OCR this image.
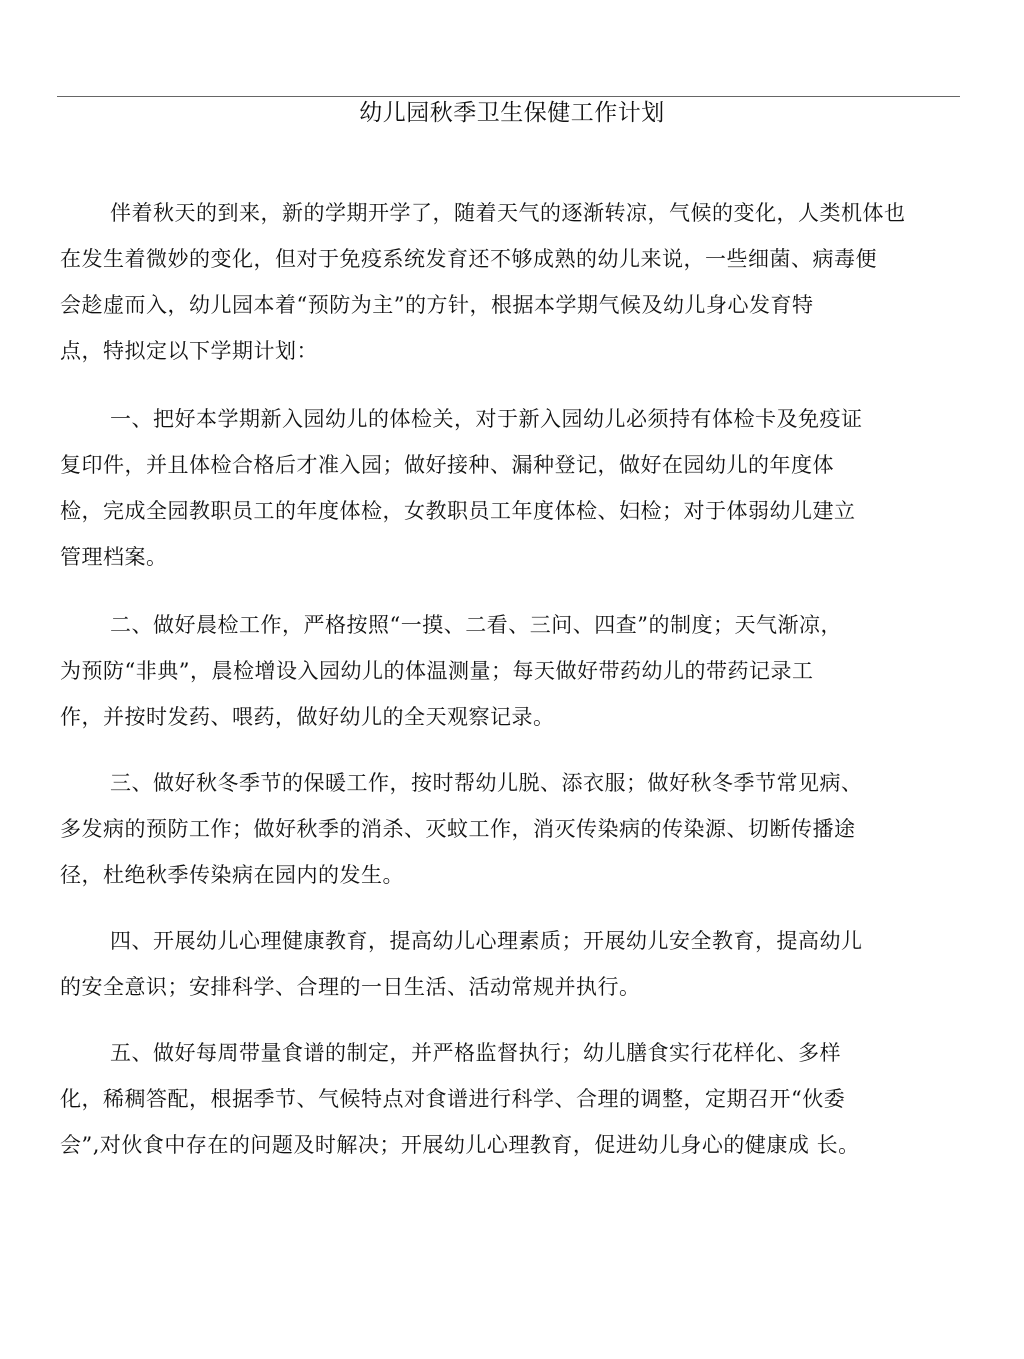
幼儿园秋季卫生保健工作计划

伴着秋天的到来，新的学期开学了，随着天气的逐渐转凉，气候的变化，人类机体也
在发生着微妙的变化，但对于免疫系统发育还不够成熟的幼儿来说，一些细菌、病毒便
会趁虚而入，幼儿园本着“预防为主”的方针，根据本学期气候及幼儿身心发育特
点，特拟定以下学期计划：

一、把好本学期新入园幼儿的体检关，对于新入园幼儿必须持有体检卡及免疫证
复印件，并且体检合格后才准入园；做好接种、漏种登记，做好在园幼儿的年度体
检，完成全园教职员工的年度体检，女教职员工年度体检、妇检；对于体弱幼儿建立
管理档案。

二、做好晨检工作，严格按照“一摸、二看、三问、四查”的制度；天气渐凉，
为预防“非典”，晨检增设入园幼儿的体温测量；每天做好带药幼儿的带药记录工
作，并按时发药、喂药，做好幼儿的全天观察记录。

三、做好秋冬季节的保暖工作，按时帮幼儿脱、添衣服；做好秋冬季节常见病、
多发病的预防工作；做好秋季的消杀、灭蚊工作，消灭传染病的传染源、切断传播途
径，杜绝秋季传染病在园内的发生。

四、开展幼儿心理健康教育，提高幼儿心理素质；开展幼儿安全教育，提高幼儿
的安全意识；安排科学、合理的一日生活、活动常规并执行。

五、做好每周带量食谱的制定，并严格监督执行；幼儿膳食实行花样化、多样
化，稀稠答配，根据季节、气候特点对食谱进行科学、合理的调整，定期召开“伙委
会”,对伙食中存在的问题及时解决；开展幼儿心理教育，促进幼儿身心的健康成 长。
